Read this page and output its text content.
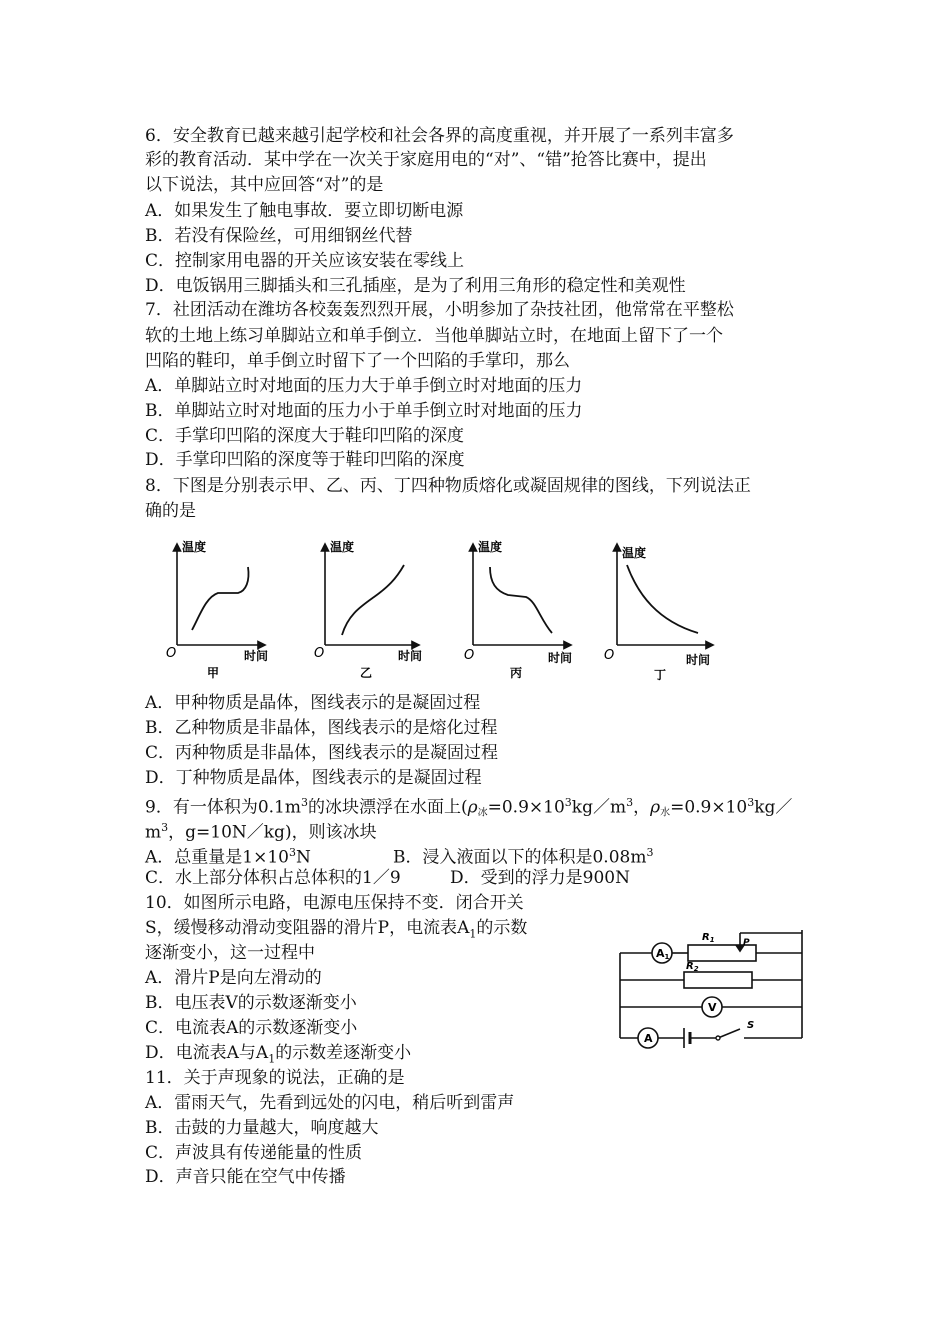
6．安全教育已越来越引起学校和社会各界的高度重视，并开展了一系列丰富多
彩的教育活动．某中学在一次关于家庭用电的“对”、“错”抢答比赛中，提出
以下说法，其中应回答“对”的是
A．如果发生了触电事故．要立即切断电源
B．若没有保险丝，可用细钢丝代替
C．控制家用电器的开关应该安装在零线上
D．电饭锅用三脚插头和三孔插座，是为了利用三角形的稳定性和美观性
7．社团活动在潍坊各校轰轰烈烈开展，小明参加了杂技社团，他常常在平整松
软的土地上练习单脚站立和单手倒立．当他单脚站立时，在地面上留下了一个
凹陷的鞋印，单手倒立时留下了一个凹陷的手掌印，那么
A．单脚站立时对地面的压力大于单手倒立时对地面的压力
B．单脚站立时对地面的压力小于单手倒立时对地面的压力
C．手掌印凹陷的深度大于鞋印凹陷的深度
D．手掌印凹陷的深度等于鞋印凹陷的深度
8．下图是分别表示甲、乙、丙、丁四种物质熔化或凝固规律的图线，下列说法正
确的是
温度
时间
O
甲
温度
时间
O
乙
温度
时间
O
丙
温度
时间
O
丁
A．甲种物质是晶体，图线表示的是凝固过程
B．乙种物质是非晶体，图线表示的是熔化过程
C．丙种物质是非晶体，图线表示的是凝固过程
D．丁种物质是晶体，图线表示的是凝固过程
9．有一体积为$0.1m^3$的冰块漂浮在水面上(ρ冰$=0.9\times 10^3kg/m^3$，ρ水$=0.9\times 10^3kg/$
$m^3$，g=10N／kg)，则该冰块
A．总重量是$1\times 10^3N$	B．浸入液面以下的体积是$0.08m^3$
C．水上部分体积占总体积的1／9	D．受到的浮力是900N
10．如图所示电路，电源电压保持不变．闭合开关
S，缓慢移动滑动变阻器的滑片P，电流表$A_1$的示数
逐渐变小，这一过程中
A．滑片P是向左滑动的
B．电压表V的示数逐渐变小
C．电流表A的示数逐渐变小
D．电流表A与$A_1$的示数差逐渐变小
A1
V
A
$R_1$	P
$R_2$
S
11．关于声现象的说法，正确的是
A．雷雨天气，先看到远处的闪电，稍后听到雷声
B．击鼓的力量越大，响度越大
C．声波具有传递能量的性质
D．声音只能在空气中传播
